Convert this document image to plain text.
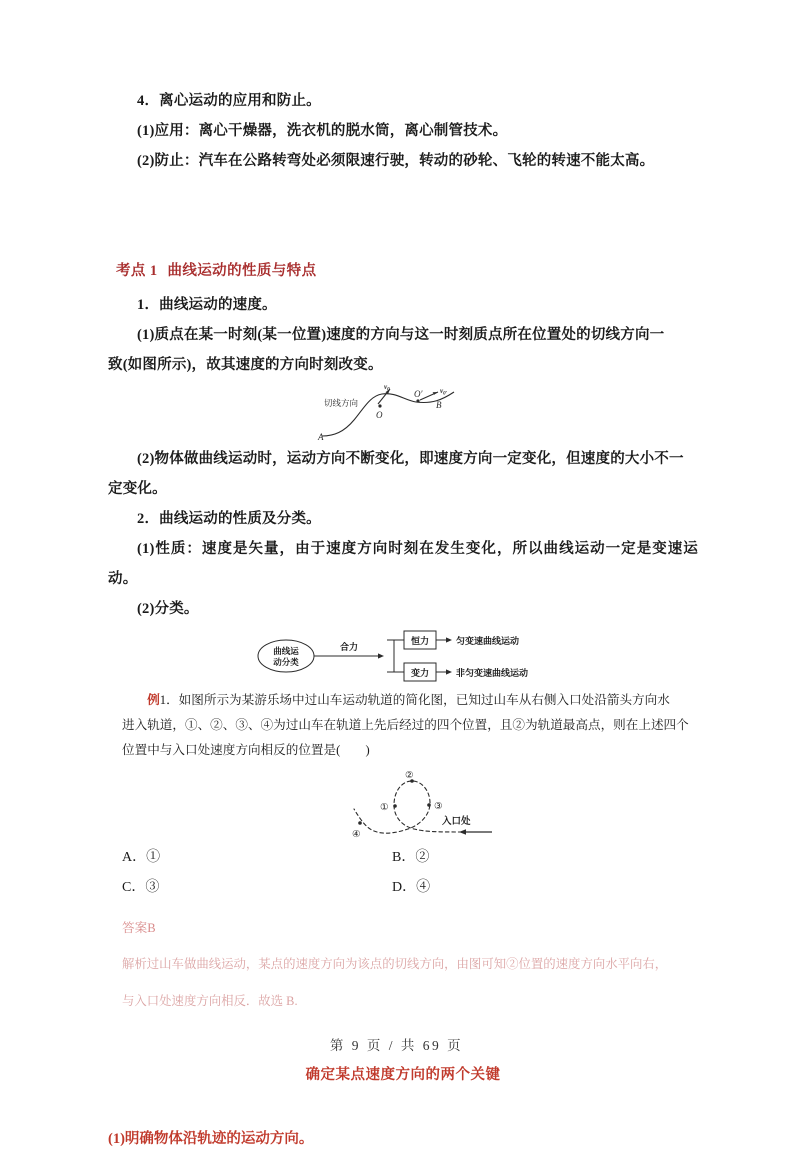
4．离心运动的应用和防止。

(1)应用：离心干燥器，洗衣机的脱水筒，离心制管技术。

(2)防止：汽车在公路转弯处必须限速行驶，转动的砂轮、飞轮的转速不能太高。

考点 1 曲线运动的性质与特点

1．曲线运动的速度。

(1)质点在某一时刻(某一位置)速度的方向与这一时刻质点所在位置处的切线方向一

致(如图所示)，故其速度的方向时刻改变。

切线方向
A
O
O′
B
$v_0$	$v_{0'}$

(2)物体做曲线运动时，运动方向不断变化，即速度方向一定变化，但速度的大小不一

定变化。

2．曲线运动的性质及分类。

(1)性质：速度是矢量，由于速度方向时刻在发生变化，所以曲线运动一定是变速运动。

(2)分类。

曲线运
动分类
合力
恒力	匀变速曲线运动
变力	非匀变速曲线运动

例1．如图所示为某游乐场中过山车运动轨道的简化图，已知过山车从右侧入口处沿箭头方向水

进入轨道，①、②、③、④为过山车在轨道上先后经过的四个位置，且②为轨道最高点，则在上述四个

位置中与入口处速度方向相反的位置是(　　)

入口处
①
②
③
④
A．①	B．②
C．③	D．④

答案B

解析过山车做曲线运动，某点的速度方向为该点的切线方向，由图可知②位置的速度方向水平向右，

与入口处速度方向相反．故选 B.

确定某点速度方向的两个关键

(1)明确物体沿轨迹的运动方向。

第 9 页 / 共 69 页
